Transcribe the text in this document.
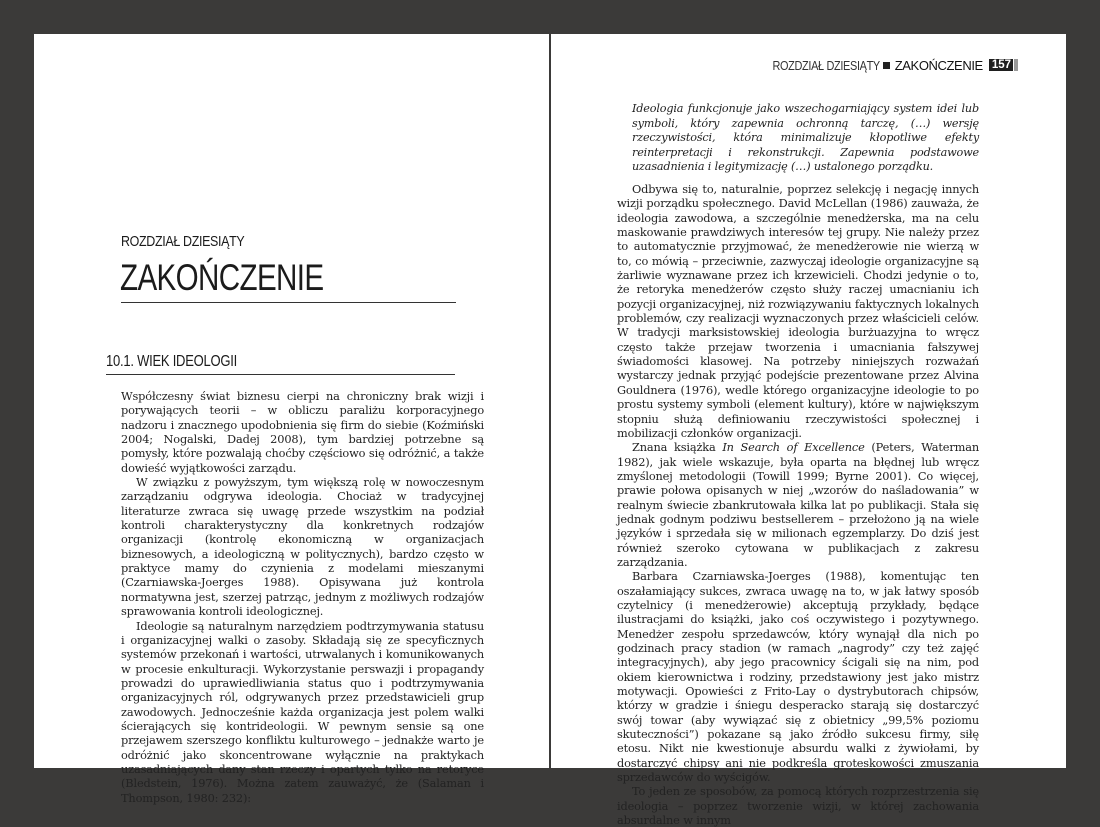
ROZDZIAŁ DZIESIĄTY
ZAKOŃCZENIE
10.1. WIEK IDEOLOGII

Współczesny świat biznesu cierpi na chroniczny brak wizji i porywających teorii – w obliczu paraliżu korporacyjnego nadzoru i znacznego upodobnienia się firm do siebie (Koźmiński 2004; Nogalski, Dadej 2008), tym bardziej potrzebne są pomysły, które pozwalają choćby częściowo się odróżnić, a także dowieść wyjątkowości zarządu.

W związku z powyższym, tym większą rolę w nowoczesnym zarządzaniu odgrywa ideologia. Chociaż w tradycyjnej literaturze zwraca się uwagę przede wszystkim na podział kontroli charakterystyczny dla konkretnych rodzajów organizacji (kontrolę ekonomiczną w organizacjach biznesowych, a ideologiczną w politycznych), bardzo często w praktyce mamy do czynienia z modelami mieszanymi (Czarniawska-Joerges 1988). Opisywana już kontrola normatywna jest, szerzej patrząc, jednym z możliwych rodzajów sprawowania kontroli ideologicznej.

Ideologie są naturalnym narzędziem podtrzymywania statusu i organizacyjnej walki o zasoby. Składają się ze specyficznych systemów przekonań i wartości, utrwalanych i komunikowanych w procesie enkulturacji. Wykorzystanie perswazji i propagandy prowadzi do uprawiedliwiania status quo i podtrzymywania organizacyjnych ról, odgrywanych przez przedstawicieli grup zawodowych. Jednocześnie każda organizacja jest polem walki ścierających się kontrideologii. W pewnym sensie są one przejawem szerszego konfliktu kulturowego – jednakże warto je odróżnić jako skoncentrowane wyłącznie na praktykach uzasadniających dany stan rzeczy i opartych tylko na retoryce (Bledstein, 1976). Można zatem zauważyć, że (Salaman i Thompson, 1980: 232):

ROZDZIAŁ DZIESIĄTY ZAKOŃCZENIE 157
Ideologia funkcjonuje jako wszechogarniający system idei lub symboli, który zapewnia ochronną tarczę, (…) wersję rzeczywistości, która minimalizuje kłopotliwe efekty reinterpretacji i rekonstrukcji. Zapewnia podstawowe uzasadnienia i legitymizację (…) ustalonego porządku.

Odbywa się to, naturalnie, poprzez selekcję i negację innych wizji porządku społecznego. David McLellan (1986) zauważa, że ideologia zawodowa, a szczególnie menedżerska, ma na celu maskowanie prawdziwych interesów tej grupy. Nie należy przez to automatycznie przyjmować, że menedżerowie nie wierzą w to, co mówią – przeciwnie, zazwyczaj ideologie organizacyjne są żarliwie wyznawane przez ich krzewicieli. Chodzi jedynie o to, że retoryka menedżerów często służy raczej umacnianiu ich pozycji organizacyjnej, niż rozwiązywaniu faktycznych lokalnych problemów, czy realizacji wyznaczonych przez właścicieli celów. W tradycji marksistowskiej ideologia burżuazyjna to wręcz często także przejaw tworzenia i umacniania fałszywej świadomości klasowej. Na potrzeby niniejszych rozważań wystarczy jednak przyjąć podejście prezentowane przez Alvina Gouldnera (1976), wedle którego organizacyjne ideologie to po prostu systemy symboli (element kultury), które w największym stopniu służą definiowaniu rzeczywistości społecznej i mobilizacji członków organizacji.

Znana książka In Search of Excellence (Peters, Waterman 1982), jak wiele wskazuje, była oparta na błędnej lub wręcz zmyślonej metodologii (Towill 1999; Byrne 2001). Co więcej, prawie połowa opisanych w niej „wzorów do naśladowania” w realnym świecie zbankrutowała kilka lat po publikacji. Stała się jednak godnym podziwu bestsellerem – przełożono ją na wiele języków i sprzedała się w milionach egzemplarzy. Do dziś jest również szeroko cytowana w publikacjach z zakresu zarządzania.

Barbara Czarniawska-Joerges (1988), komentując ten oszałamiający sukces, zwraca uwagę na to, w jak łatwy sposób czytelnicy (i menedżerowie) akceptują przykłady, będące ilustracjami do książki, jako coś oczywistego i pozytywnego. Menedżer zespołu sprzedawców, który wynajął dla nich po godzinach pracy stadion (w ramach „nagrody” czy też zajęć integracyjnych), aby jego pracownicy ścigali się na nim, pod okiem kierownictwa i rodziny, przedstawiony jest jako mistrz motywacji. Opowieści z Frito-Lay o dystrybutorach chipsów, którzy w gradzie i śniegu desperacko starają się dostarczyć swój towar (aby wywiązać się z obietnicy „99,5% poziomu skuteczności”) pokazane są jako źródło sukcesu firmy, siłę etosu. Nikt nie kwestionuje absurdu walki z żywiołami, by dostarczyć chipsy ani nie podkreśla groteskowości zmuszania sprzedawców do wyścigów.

To jeden ze sposobów, za pomocą których rozprzestrzenia się ideologia – poprzez tworzenie wizji, w której zachowania absurdalne w innym
